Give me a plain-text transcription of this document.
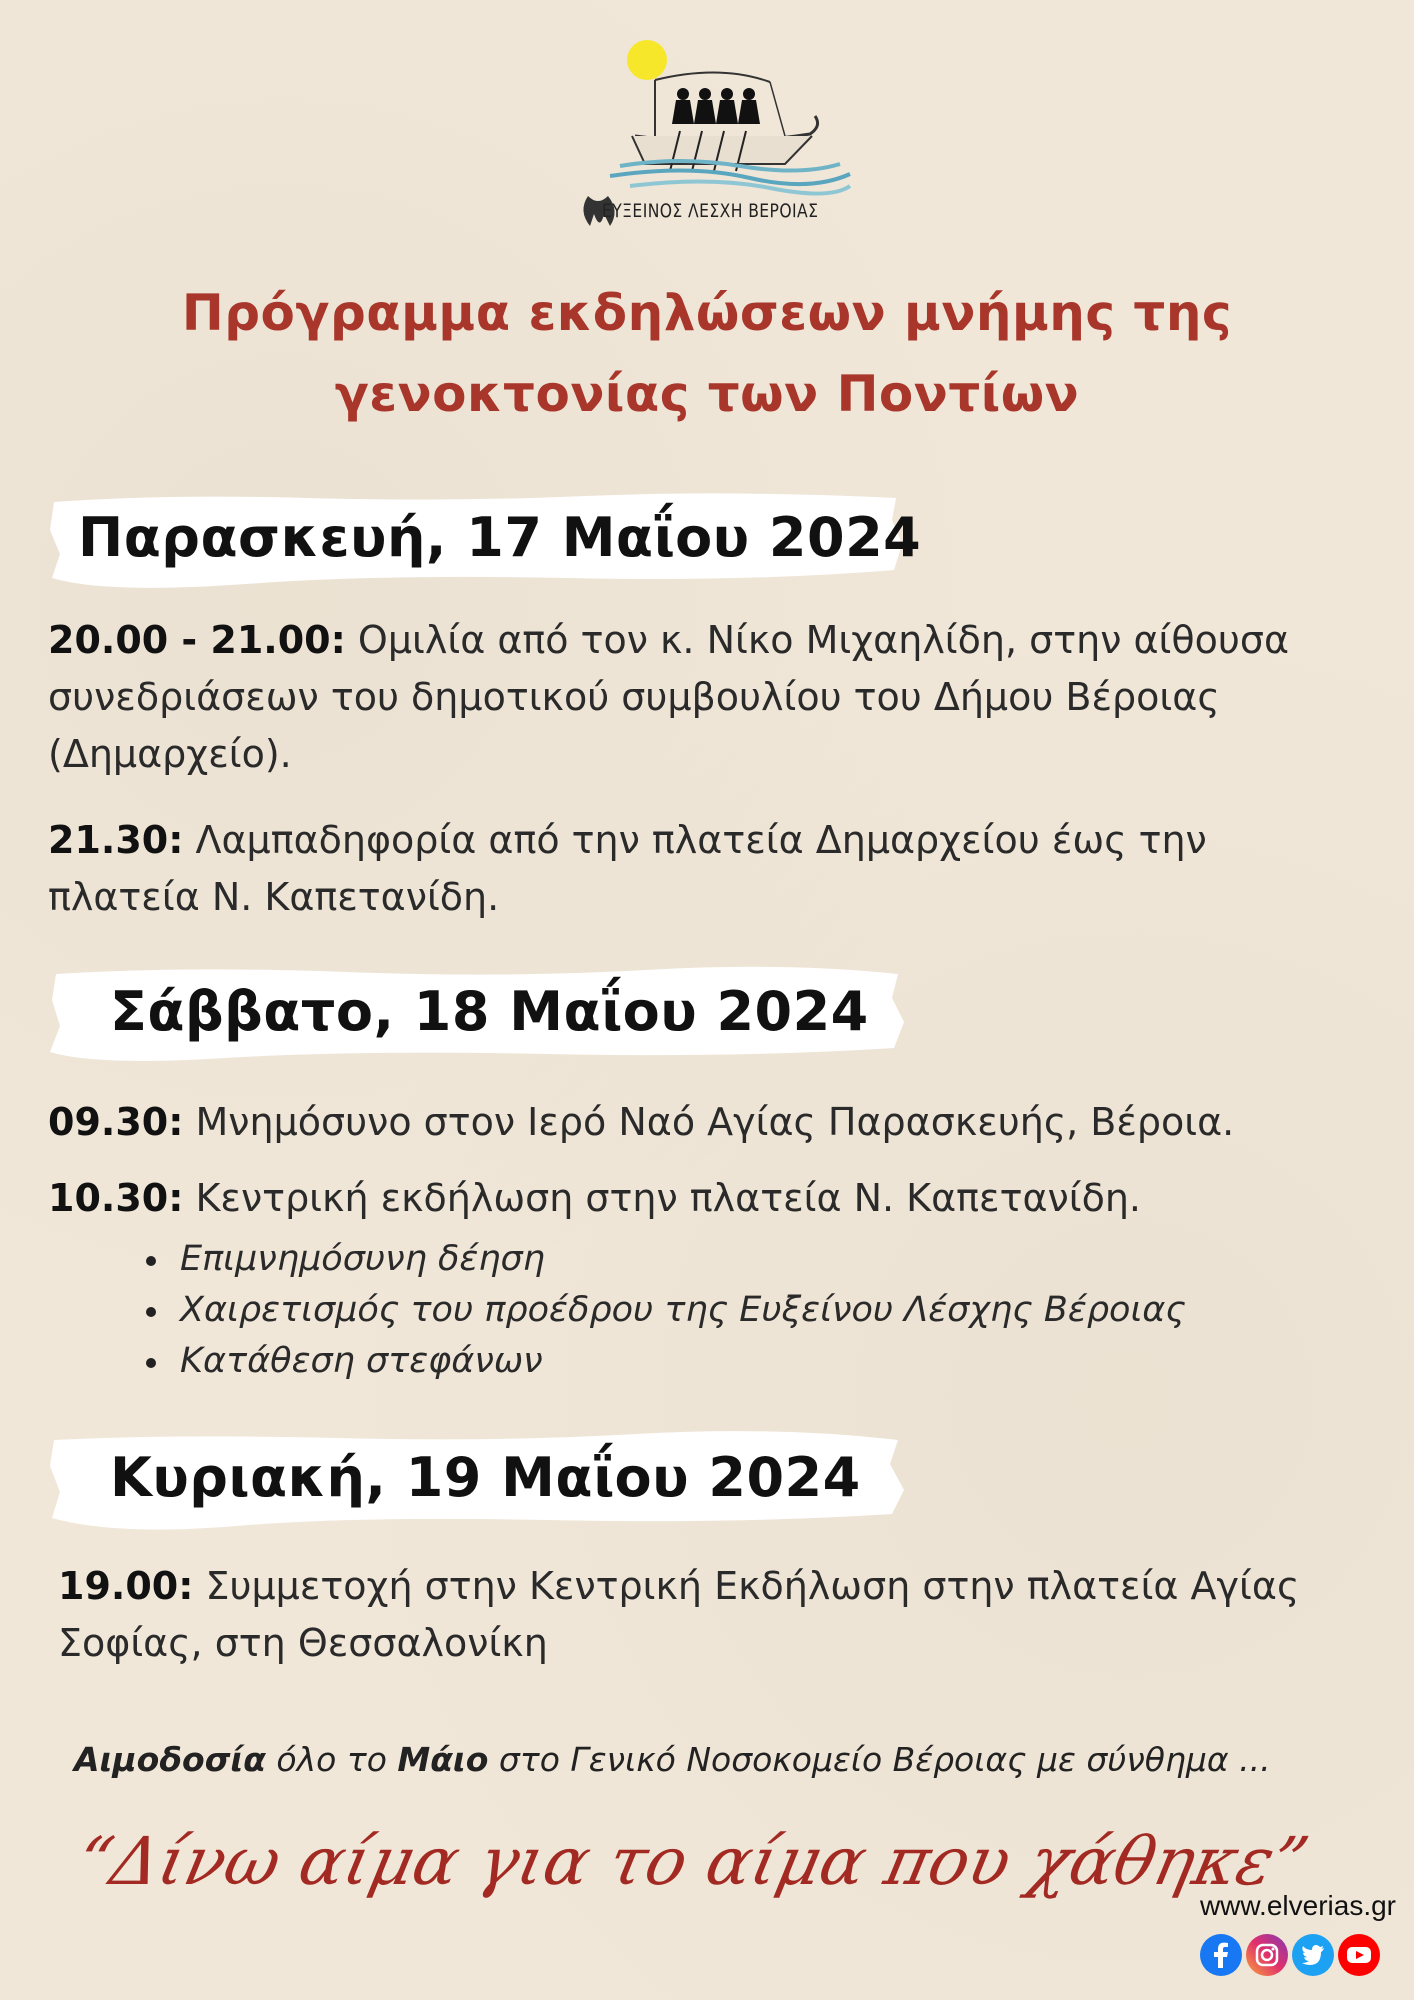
ΕΥΞΕΙΝΟΣ ΛΕΣΧΗ ΒΕΡΟΙΑΣ
Πρόγραμμα εκδηλώσεων μνήμης της
γενοκτονίας των Ποντίων
Παρασκευή, 17 Μαΐου 2024
20.00 - 21.00: Ομιλία από τον κ. Νίκο Μιχαηλίδη, στην αίθουσα συνεδριάσεων του δημοτικού συμβουλίου του Δήμου Βέροιας (Δημαρχείο).
21.30: Λαμπαδηφορία από την πλατεία Δημαρχείου έως την πλατεία Ν. Καπετανίδη.
Σάββατο, 18 Μαΐου 2024
09.30: Μνημόσυνο στον Ιερό Ναό Αγίας Παρασκευής, Βέροια.
10.30: Κεντρική εκδήλωση στην πλατεία Ν. Καπετανίδη.
Επιμνημόσυνη δέηση
Χαιρετισμός του προέδρου της Ευξείνου Λέσχης Βέροιας
Κατάθεση στεφάνων
Κυριακή, 19 Μαΐου 2024
19.00: Συμμετοχή στην Κεντρική Εκδήλωση στην πλατεία Αγίας Σοφίας, στη Θεσσαλονίκη
Αιμοδοσία όλο το Μάιο στο Γενικό Νοσοκομείο Βέροιας με σύνθημα ...
“Δίνω αίμα για το αίμα που χάθηκε”
www.elverias.gr
